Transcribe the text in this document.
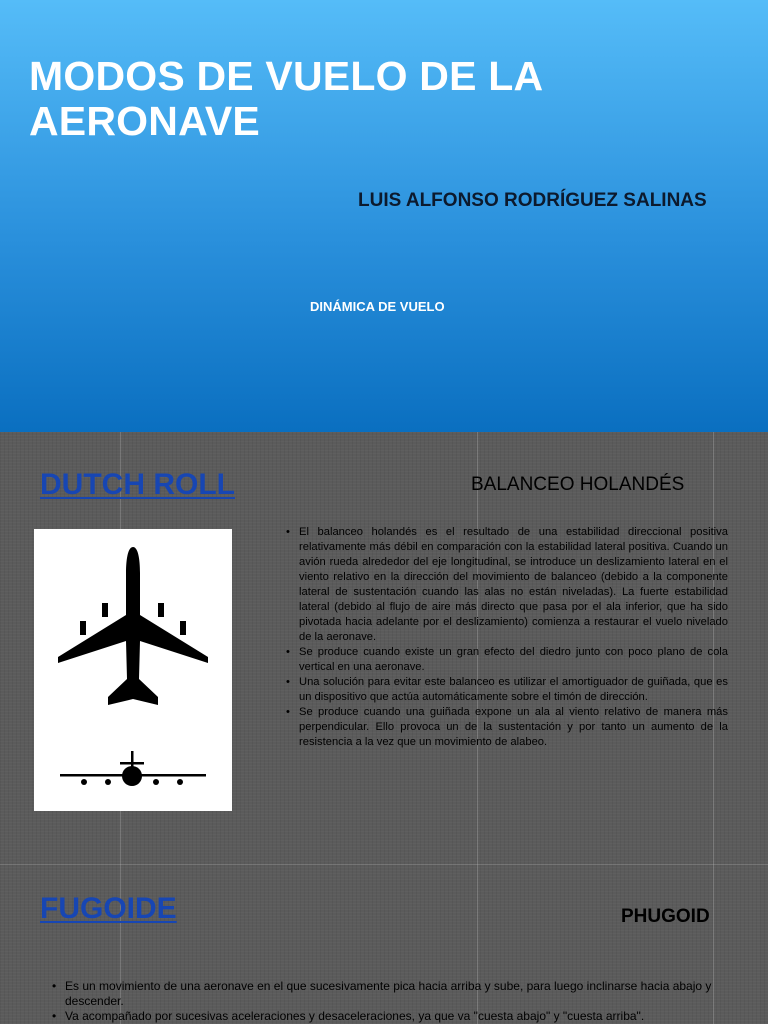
MODOS DE VUELO DE LA
AERONAVE
LUIS ALFONSO RODRÍGUEZ SALINAS
DINÁMICA DE VUELO
DUTCH ROLL	BALANCEO HOLANDÉS
• El balanceo holandés es el resultado de una estabilidad direccional positiva relativamente más débil en comparación con la estabilidad lateral positiva. Cuando un avión rueda alrededor del eje longitudinal, se introduce un deslizamiento lateral en el viento relativo en la dirección del movimiento de balanceo (debido a la componente lateral de sustentación cuando las alas no están niveladas). La fuerte estabilidad lateral (debido al flujo de aire más directo que pasa por el ala inferior, que ha sido pivotada hacia adelante por el deslizamiento) comienza a restaurar el vuelo nivelado de la aeronave.
• Se produce cuando existe un gran efecto del diedro junto con poco plano de cola vertical en una aeronave.
• Una solución para evitar este balanceo es utilizar el amortiguador de guiñada, que es un dispositivo que actúa automáticamente sobre el timón de dirección.
• Se produce cuando una guiñada expone un ala al viento relativo de manera más perpendicular. Ello provoca un de la sustentación y por tanto un aumento de la resistencia a la vez que un movimiento de alabeo.
FUGOIDE	PHUGOID
• Es un movimiento de una aeronave en el que sucesivamente pica hacia arriba y sube, para luego inclinarse hacia abajo y descender.
• Va acompañado por sucesivas aceleraciones y desaceleraciones, ya que va "cuesta abajo" y "cuesta arriba".
